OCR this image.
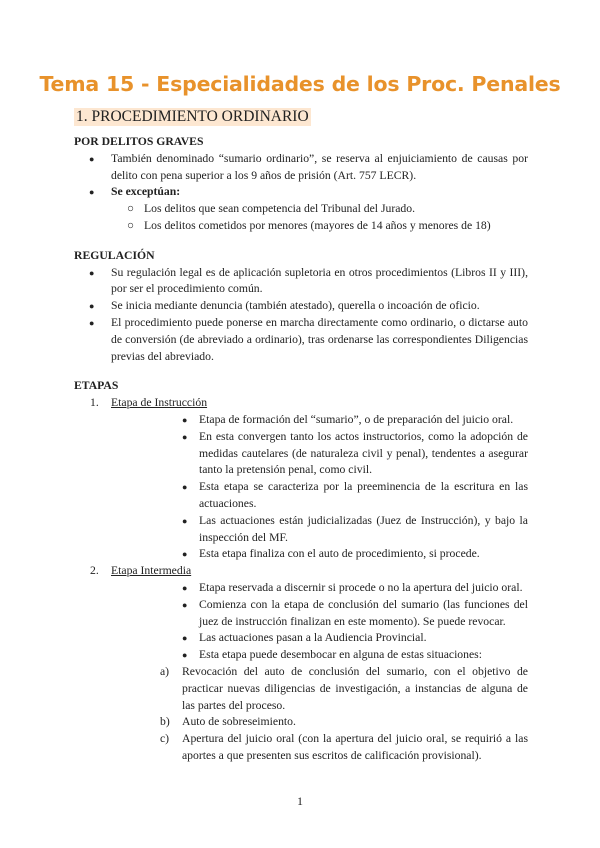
Tema 15 - Especialidades de los Proc. Penales
1. PROCEDIMIENTO ORDINARIO

POR DELITOS GRAVES

● También denominado “sumario ordinario”, se reserva al enjuiciamiento de causas por delito con pena superior a los 9 años de prisión (Art. 757 LECR).
● Se exceptúan:
○ Los delitos que sean competencia del Tribunal del Jurado.
○ Los delitos cometidos por menores (mayores de 14 años y menores de 18)

REGULACIÓN

● Su regulación legal es de aplicación supletoria en otros procedimientos (Libros II y III), por ser el procedimiento común.
● Se inicia mediante denuncia (también atestado), querella o incoación de oficio.
● El procedimiento puede ponerse en marcha directamente como ordinario, o dictarse auto de conversión (de abreviado a ordinario), tras ordenarse las correspondientes Diligencias previas del abreviado.

ETAPAS

1. Etapa de Instrucción
● Etapa de formación del “sumario”, o de preparación del juicio oral.
● En esta convergen tanto los actos instructorios, como la adopción de medidas cautelares (de naturaleza civil y penal), tendentes a asegurar tanto la pretensión penal, como civil.
● Esta etapa se caracteriza por la preeminencia de la escritura en las actuaciones.
● Las actuaciones están judicializadas (Juez de Instrucción), y bajo la inspección del MF.
● Esta etapa finaliza con el auto de procedimiento, si procede.
2. Etapa Intermedia
● Etapa reservada a discernir si procede o no la apertura del juicio oral.
● Comienza con la etapa de conclusión del sumario (las funciones del juez de instrucción finalizan en este momento). Se puede revocar.
● Las actuaciones pasan a la Audiencia Provincial.
● Esta etapa puede desembocar en alguna de estas situaciones:
a) Revocación del auto de conclusión del sumario, con el objetivo de practicar nuevas diligencias de investigación, a instancias de alguna de las partes del proceso.
b) Auto de sobreseimiento.
c) Apertura del juicio oral (con la apertura del juicio oral, se requirió a las aportes a que presenten sus escritos de calificación provisional).
1
